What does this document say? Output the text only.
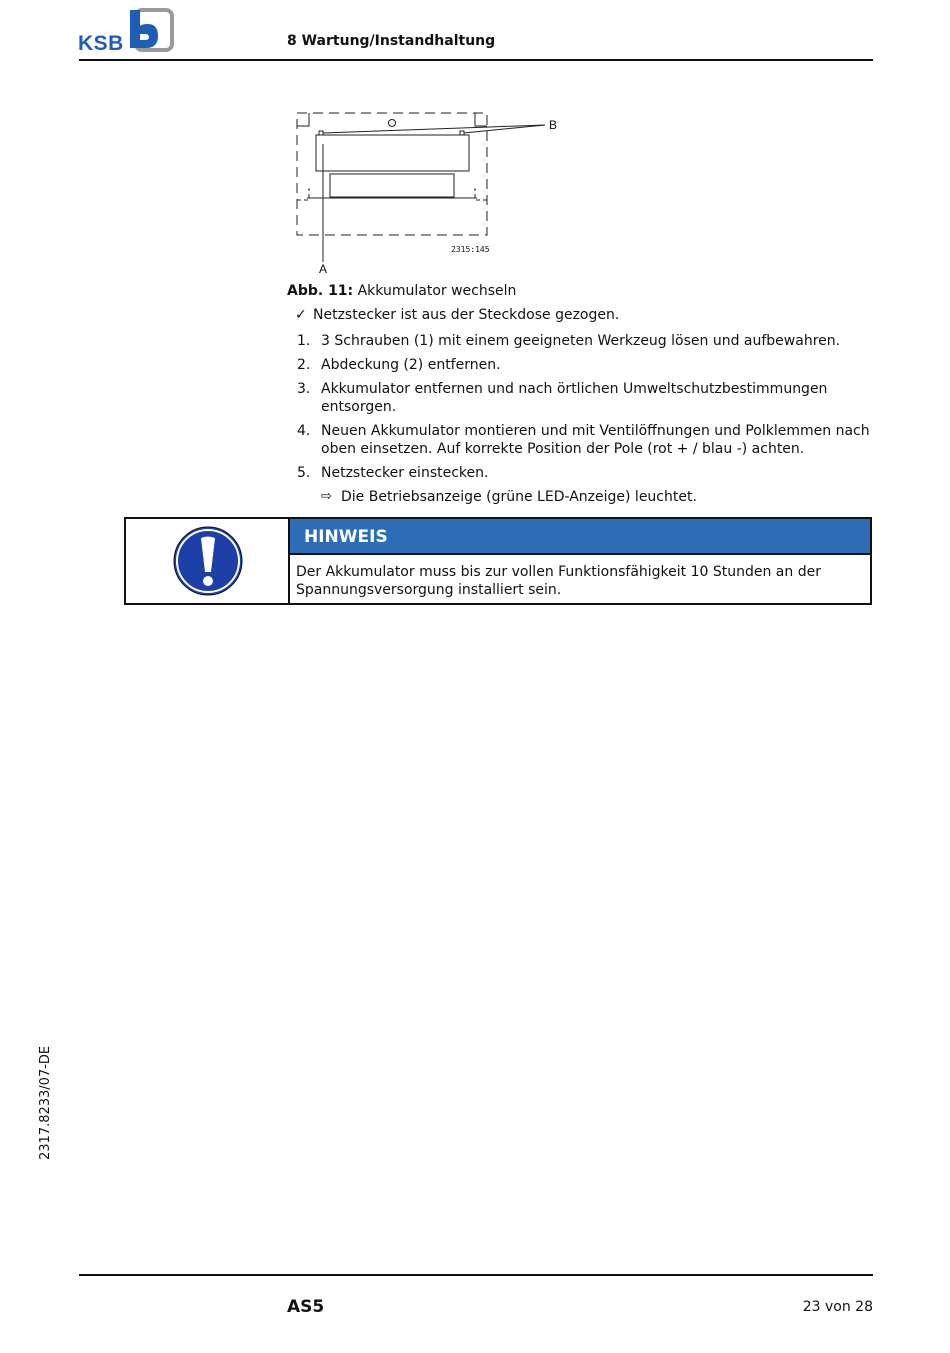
KSB	8 Wartung/Instandhaltung
B
A
2315:145
Abb. 11: Akkumulator wechseln
✓ Netzstecker ist aus der Steckdose gezogen.
1. 3 Schrauben (1) mit einem geeigneten Werkzeug lösen und aufbewahren.
2. Abdeckung (2) entfernen.
3. Akkumulator entfernen und nach örtlichen Umweltschutzbestimmungen entsorgen.
4. Neuen Akkumulator montieren und mit Ventilöffnungen und Polklemmen nach oben einsetzen. Auf korrekte Position der Pole (rot + / blau -) achten.
5. Netzstecker einstecken.
⇨ Die Betriebsanzeige (grüne LED-Anzeige) leuchtet.
HINWEIS
Der Akkumulator muss bis zur vollen Funktionsfähigkeit 10 Stunden an der Spannungsversorgung installiert sein.
2317.8233/07-DE
AS5	23 von 28
